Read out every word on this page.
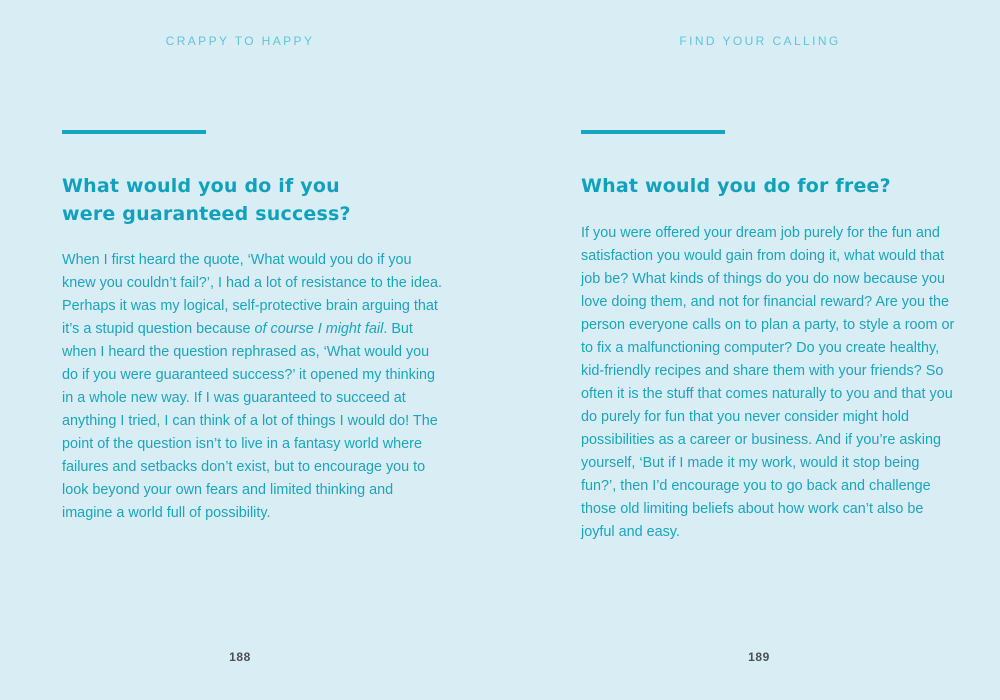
CRAPPY TO HAPPY
What would you do if you were guaranteed success?

When I first heard the quote, ‘What would you do if you knew you couldn’t fail?’, I had a lot of resistance to the idea. Perhaps it was my logical, self-protective brain arguing that it’s a stupid question because of course I might fail. But when I heard the question rephrased as, ‘What would you do if you were guaranteed success?’ it opened my thinking in a whole new way. If I was guaranteed to succeed at anything I tried, I can think of a lot of things I would do! The point of the question isn’t to live in a fantasy world where failures and setbacks don’t exist, but to encourage you to look beyond your own fears and limited thinking and imagine a world full of possibility.

188
FIND YOUR CALLING
What would you do for free?

If you were offered your dream job purely for the fun and satisfaction you would gain from doing it, what would that job be? What kinds of things do you do now because you love doing them, and not for financial reward? Are you the person everyone calls on to plan a party, to style a room or to fix a malfunctioning computer? Do you create healthy, kid-friendly recipes and share them with your friends? So often it is the stuff that comes naturally to you and that you do purely for fun that you never consider might hold possibilities as a career or business. And if you’re asking yourself, ‘But if I made it my work, would it stop being fun?’, then I’d encourage you to go back and challenge those old limiting beliefs about how work can’t also be joyful and easy.

189
